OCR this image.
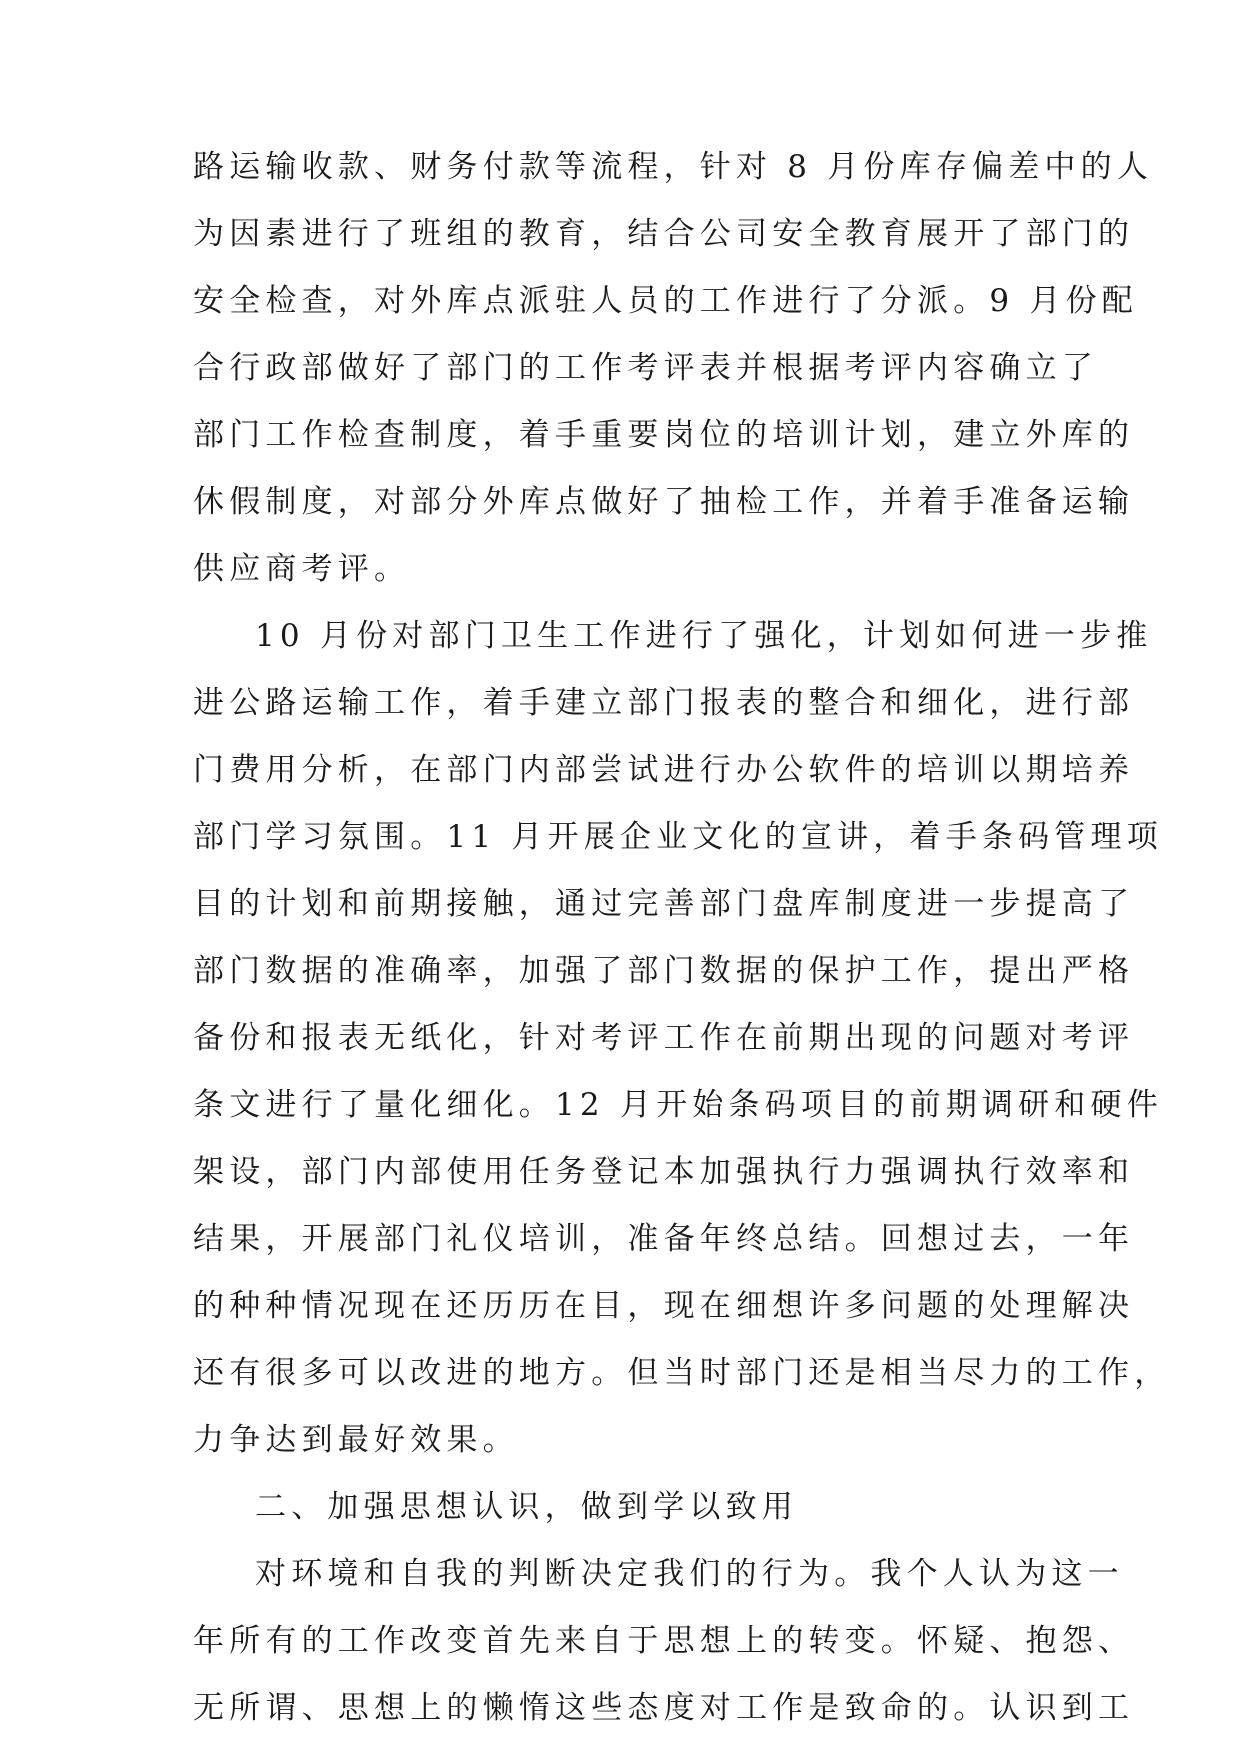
路运输收款、财务付款等流程，针对 8 月份库存偏差中的人

为因素进行了班组的教育，结合公司安全教育展开了部门的

安全检查，对外库点派驻人员的工作进行了分派。9 月份配

合行政部做好了部门的工作考评表并根据考评内容确立了

部门工作检查制度，着手重要岗位的培训计划，建立外库的

休假制度，对部分外库点做好了抽检工作，并着手准备运输

供应商考评。

10 月份对部门卫生工作进行了强化，计划如何进一步推

进公路运输工作，着手建立部门报表的整合和细化，进行部

门费用分析，在部门内部尝试进行办公软件的培训以期培养

部门学习氛围。11 月开展企业文化的宣讲，着手条码管理项

目的计划和前期接触，通过完善部门盘库制度进一步提高了

部门数据的准确率，加强了部门数据的保护工作，提出严格

备份和报表无纸化，针对考评工作在前期出现的问题对考评

条文进行了量化细化。12 月开始条码项目的前期调研和硬件

架设，部门内部使用任务登记本加强执行力强调执行效率和

结果，开展部门礼仪培训，准备年终总结。回想过去，一年

的种种情况现在还历历在目，现在细想许多问题的处理解决

还有很多可以改进的地方。但当时部门还是相当尽力的工作，

力争达到最好效果。

二、加强思想认识，做到学以致用

对环境和自我的判断决定我们的行为。我个人认为这一

年所有的工作改变首先来自于思想上的转变。怀疑、抱怨、

无所谓、思想上的懒惰这些态度对工作是致命的。认识到工
